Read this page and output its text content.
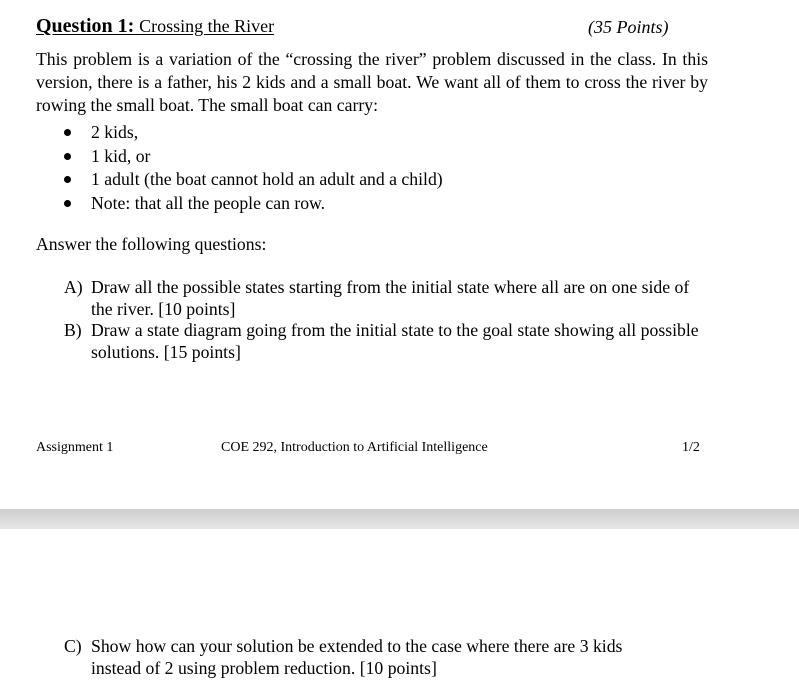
Question 1: Crossing the River	(35 Points)
This problem is a variation of the “crossing the river” problem discussed in the class. In this version, there is a father, his 2 kids and a small boat. We want all of them to cross the river by rowing the small boat. The small boat can carry:
2 kids,
1 kid, or
1 adult (the boat cannot hold an adult and a child)
Note: that all the people can row.
Answer the following questions:
A) Draw all the possible states starting from the initial state where all are on one side of the river. [10 points]
B) Draw a state diagram going from the initial state to the goal state showing all possible solutions. [15 points]
Assignment 1	COE 292, Introduction to Artificial Intelligence	1/2
C) Show how can your solution be extended to the case where there are 3 kids instead of 2 using problem reduction. [10 points]
